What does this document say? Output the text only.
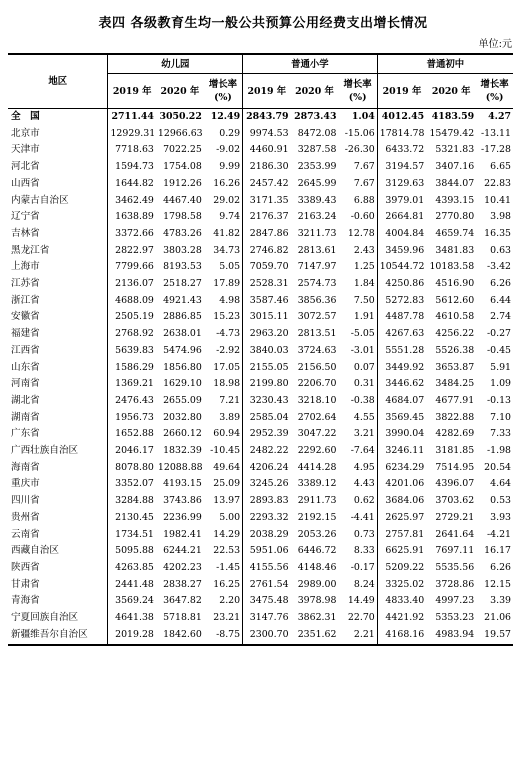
表四 各级教育生均一般公共预算公用经费支出增长情况
单位:元
地区	幼儿园			普通小学			普通初中		
	2019 年	2020 年	增长率(%)	2019 年	2020 年	增长率(%)	2019 年	2020 年	增长率(%)
全　国	2711.44	3050.22	12.49	2843.79	2873.43	1.04	4012.45	4183.59	4.27
北京市	12929.31	12966.63	0.29	9974.53	8472.08	-15.06	17814.78	15479.42	-13.11
天津市	7718.63	7022.25	-9.02	4460.91	3287.58	-26.30	6433.72	5321.83	-17.28
河北省	1594.73	1754.08	9.99	2186.30	2353.99	7.67	3194.57	3407.16	6.65
山西省	1644.82	1912.26	16.26	2457.42	2645.99	7.67	3129.63	3844.07	22.83
内蒙古自治区	3462.49	4467.40	29.02	3171.35	3389.43	6.88	3979.01	4393.15	10.41
辽宁省	1638.89	1798.58	9.74	2176.37	2163.24	-0.60	2664.81	2770.80	3.98
吉林省	3372.66	4783.26	41.82	2847.86	3211.73	12.78	4004.84	4659.74	16.35
黑龙江省	2822.97	3803.28	34.73	2746.82	2813.61	2.43	3459.96	3481.83	0.63
上海市	7799.66	8193.53	5.05	7059.70	7147.97	1.25	10544.72	10183.58	-3.42
江苏省	2136.07	2518.27	17.89	2528.31	2574.73	1.84	4250.86	4516.90	6.26
浙江省	4688.09	4921.43	4.98	3587.46	3856.36	7.50	5272.83	5612.60	6.44
安徽省	2505.19	2886.85	15.23	3015.11	3072.57	1.91	4487.78	4610.58	2.74
福建省	2768.92	2638.01	-4.73	2963.20	2813.51	-5.05	4267.63	4256.22	-0.27
江西省	5639.83	5474.96	-2.92	3840.03	3724.63	-3.01	5551.28	5526.38	-0.45
山东省	1586.29	1856.80	17.05	2155.05	2156.50	0.07	3449.92	3653.87	5.91
河南省	1369.21	1629.10	18.98	2199.80	2206.70	0.31	3446.62	3484.25	1.09
湖北省	2476.43	2655.09	7.21	3230.43	3218.10	-0.38	4684.07	4677.91	-0.13
湖南省	1956.73	2032.80	3.89	2585.04	2702.64	4.55	3569.45	3822.88	7.10
广东省	1652.88	2660.12	60.94	2952.39	3047.22	3.21	3990.04	4282.69	7.33
广西壮族自治区	2046.17	1832.39	-10.45	2482.22	2292.60	-7.64	3246.11	3181.85	-1.98
海南省	8078.80	12088.88	49.64	4206.24	4414.28	4.95	6234.29	7514.95	20.54
重庆市	3352.07	4193.15	25.09	3245.26	3389.12	4.43	4201.06	4396.07	4.64
四川省	3284.88	3743.86	13.97	2893.83	2911.73	0.62	3684.06	3703.62	0.53
贵州省	2130.45	2236.99	5.00	2293.32	2192.15	-4.41	2625.97	2729.21	3.93
云南省	1734.51	1982.41	14.29	2038.29	2053.26	0.73	2757.81	2641.64	-4.21
西藏自治区	5095.88	6244.21	22.53	5951.06	6446.72	8.33	6625.91	7697.11	16.17
陕西省	4263.85	4202.23	-1.45	4155.56	4148.46	-0.17	5209.22	5535.56	6.26
甘肃省	2441.48	2838.27	16.25	2761.54	2989.00	8.24	3325.02	3728.86	12.15
青海省	3569.24	3647.82	2.20	3475.48	3978.98	14.49	4833.40	4997.23	3.39
宁夏回族自治区	4641.38	5718.81	23.21	3147.76	3862.31	22.70	4421.92	5353.23	21.06
新疆维吾尔自治区	2019.28	1842.60	-8.75	2300.70	2351.62	2.21	4168.16	4983.94	19.57
